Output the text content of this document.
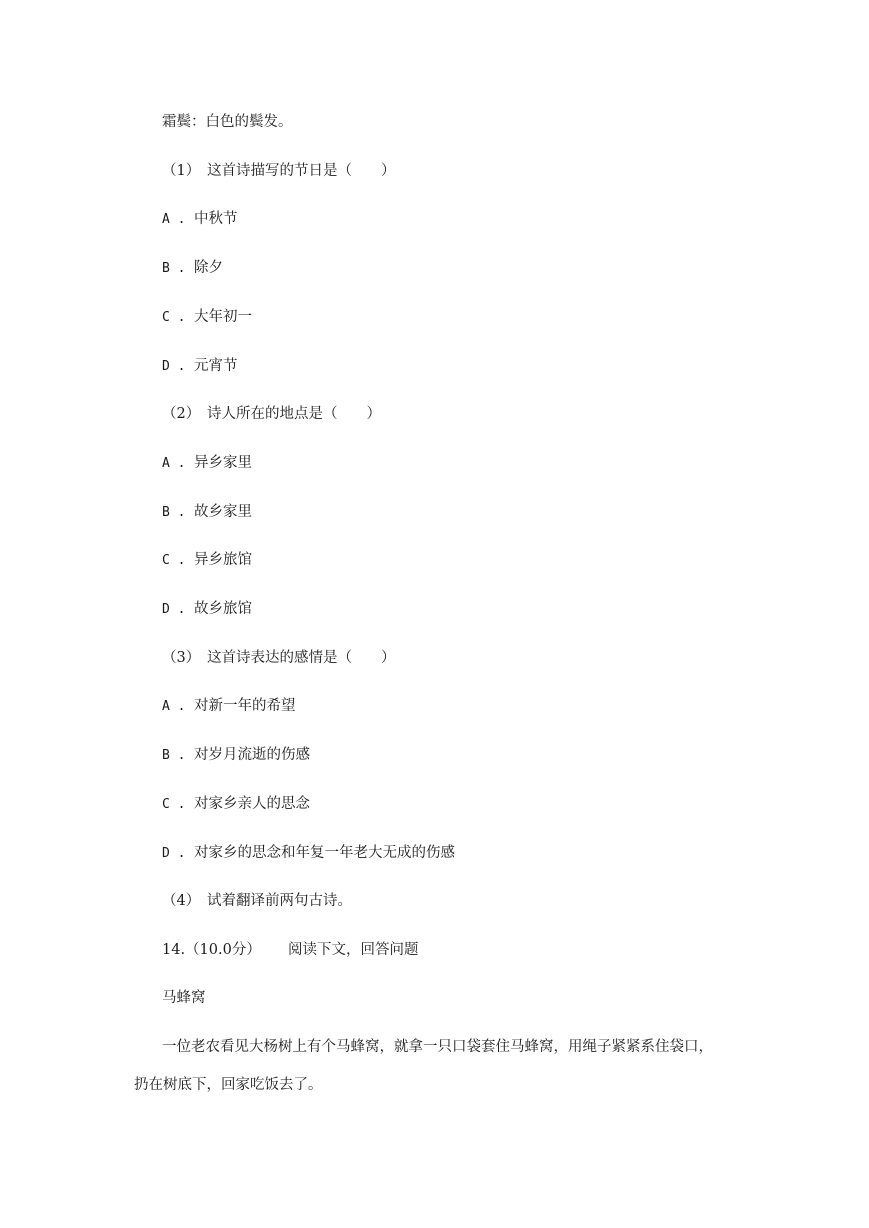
霜鬓：白色的鬓发。
（1） 这首诗描写的节日是（　　）
A . 中秋节
B . 除夕
C . 大年初一
D . 元宵节
（2） 诗人所在的地点是（　　）
A . 异乡家里
B . 故乡家里
C . 异乡旅馆
D . 故乡旅馆
（3） 这首诗表达的感情是（　　）
A . 对新一年的希望
B . 对岁月流逝的伤感
C . 对家乡亲人的思念
D . 对家乡的思念和年复一年老大无成的伤感
（4） 试着翻译前两句古诗。
14.（10.0分） 阅读下文，回答问题
马蜂窝
一位老农看见大杨树上有个马蜂窝，就拿一只口袋套住马蜂窝，用绳子紧紧系住袋口，
扔在树底下，回家吃饭去了。
